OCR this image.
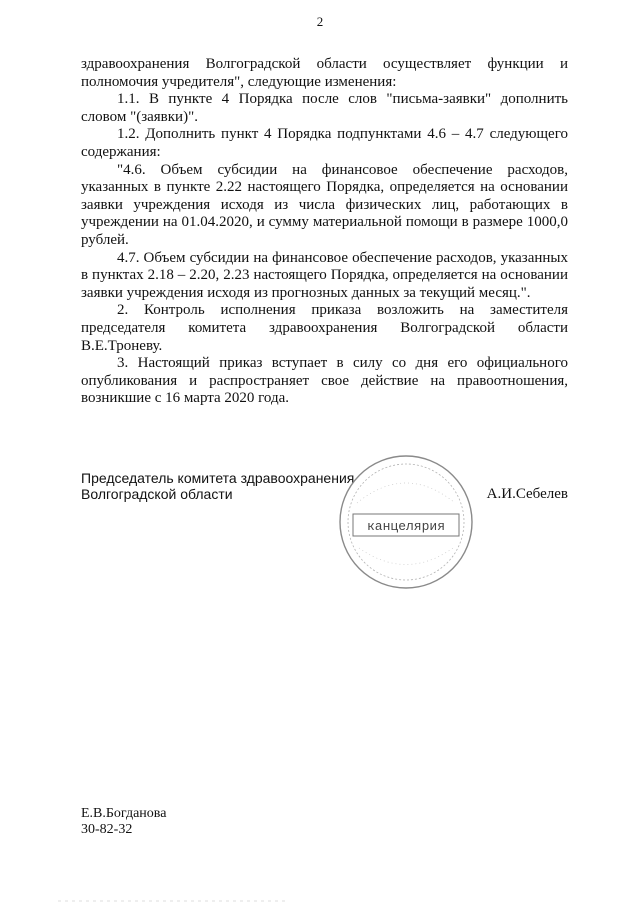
2

здравоохранения Волгоградской области осуществляет функции и полномочия учредителя", следующие изменения:

1.1. В пункте 4 Порядка после слов "письма-заявки" дополнить словом "(заявки)".

1.2. Дополнить пункт 4 Порядка подпунктами 4.6 – 4.7 следующего содержания:

"4.6. Объем субсидии на финансовое обеспечение расходов, указанных в пункте 2.22 настоящего Порядка, определяется на основании заявки учреждения исходя из числа физических лиц, работающих в учреждении на 01.04.2020, и сумму материальной помощи в размере 1000,0 рублей.

4.7. Объем субсидии на финансовое обеспечение расходов, указанных в пунктах 2.18 – 2.20, 2.23 настоящего Порядка, определяется на основании заявки учреждения исходя из прогнозных данных за текущий месяц.".

2. Контроль исполнения приказа возложить на заместителя председателя комитета здравоохранения Волгоградской области В.Е.Троневу.

3. Настоящий приказ вступает в силу со дня его официального опубликования и распространяет свое действие на правоотношения, возникшие с 16 марта 2020 года.

Председатель комитета здравоохранения
Волгоградской области	А.И.Себелев
канцелярия
Е.В.Богданова
30-82-32
